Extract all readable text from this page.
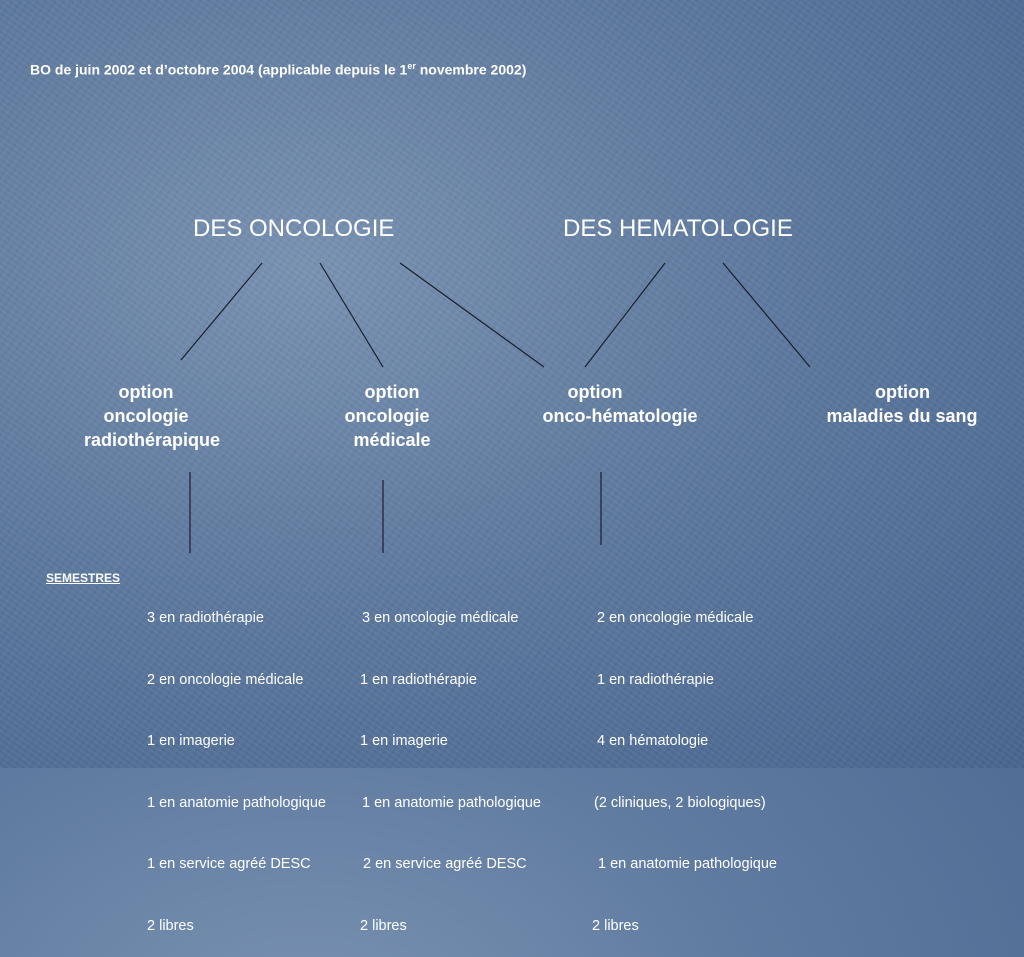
BO de juin 2002 et d’octobre 2004 (applicable depuis le 1er novembre 2002)
DES ONCOLOGIE	DES HEMATOLOGIE
option
oncologie
radiothérapique
option
oncologie
médicale
option
onco-hématologie
option
maladies du sang
SEMESTRES

3 en radiothérapie

2 en oncologie médicale

1 en imagerie

1 en anatomie pathologique

1 en service agréé DESC

2 libres

3 en oncologie médicale

1 en radiothérapie

1 en imagerie

1 en anatomie pathologique

2 en service agréé DESC

2 libres

2 en oncologie médicale

1 en radiothérapie

4 en hématologie

(2 cliniques, 2 biologiques)

1 en anatomie pathologique

2 libres
